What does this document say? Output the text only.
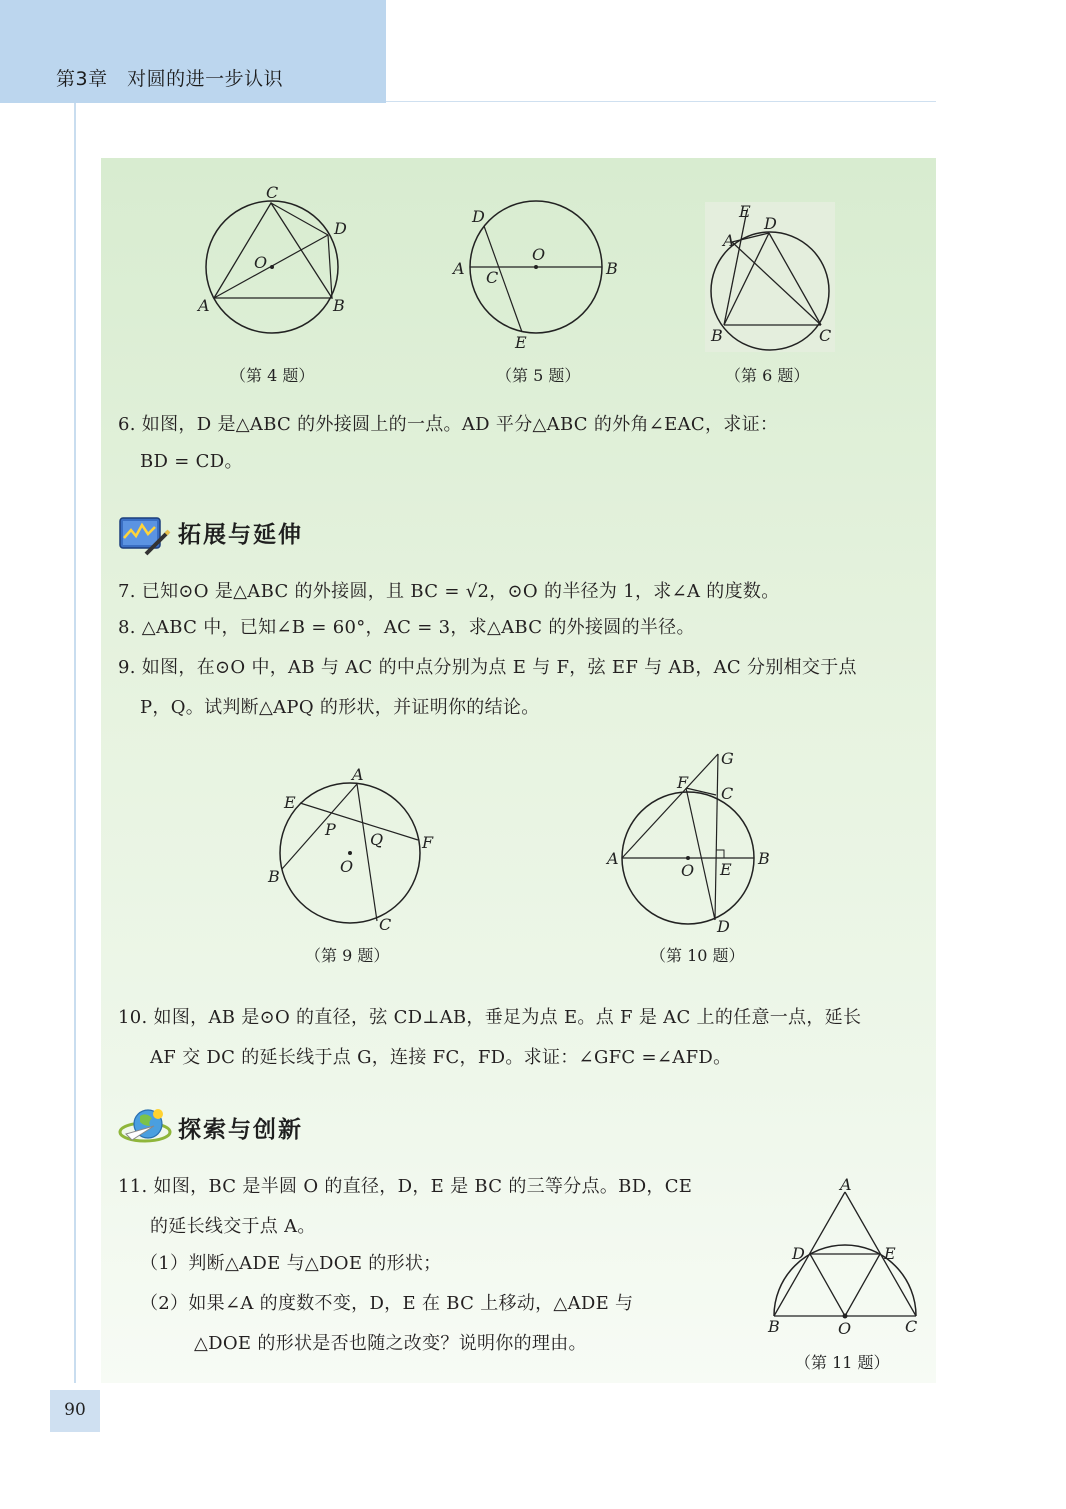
第3章　对圆的进一步认识
C
D
O
A	B
（第 4 题）
D
O
A C	B
E
（第 5 题）
E
D
A
B	C
（第 6 题）
6. 如图，D 是△ABC 的外接圆上的一点。AD 平分△ABC 的外角∠EAC，求证：
BD = CD。
拓展与延伸
7. 已知⊙O 是△ABC 的外接圆，且 BC = √2，⊙O 的半径为 1，求∠A 的度数。
8. △ABC 中，已知∠B = 60°，AC = 3，求△ABC 的外接圆的半径。
9. 如图，在⊙O 中，AB 与 AC 的中点分别为点 E 与 F，弦 EF 与 AB，AC 分别相交于点
P，Q。试判断△APQ 的形状，并证明你的结论。
A
E
P
Q F
O
B
C
（第 9 题）
G
F
C
A
O E
B
D
（第 10 题）
10. 如图，AB 是⊙O 的直径，弦 CD⊥AB，垂足为点 E。点 F 是 AC 上的任意一点，延长
AF 交 DC 的延长线于点 G，连接 FC，FD。求证：∠GFC =∠AFD。
探索与创新
11. 如图，BC 是半圆 O 的直径，D，E 是 BC 的三等分点。BD，CE
的延长线交于点 A。
（1）判断△ADE 与△DOE 的形状；
（2）如果∠A 的度数不变，D，E 在 BC 上移动，△ADE 与
△DOE 的形状是否也随之改变？说明你的理由。
A
D	E
B	O	C
（第 11 题）
90
